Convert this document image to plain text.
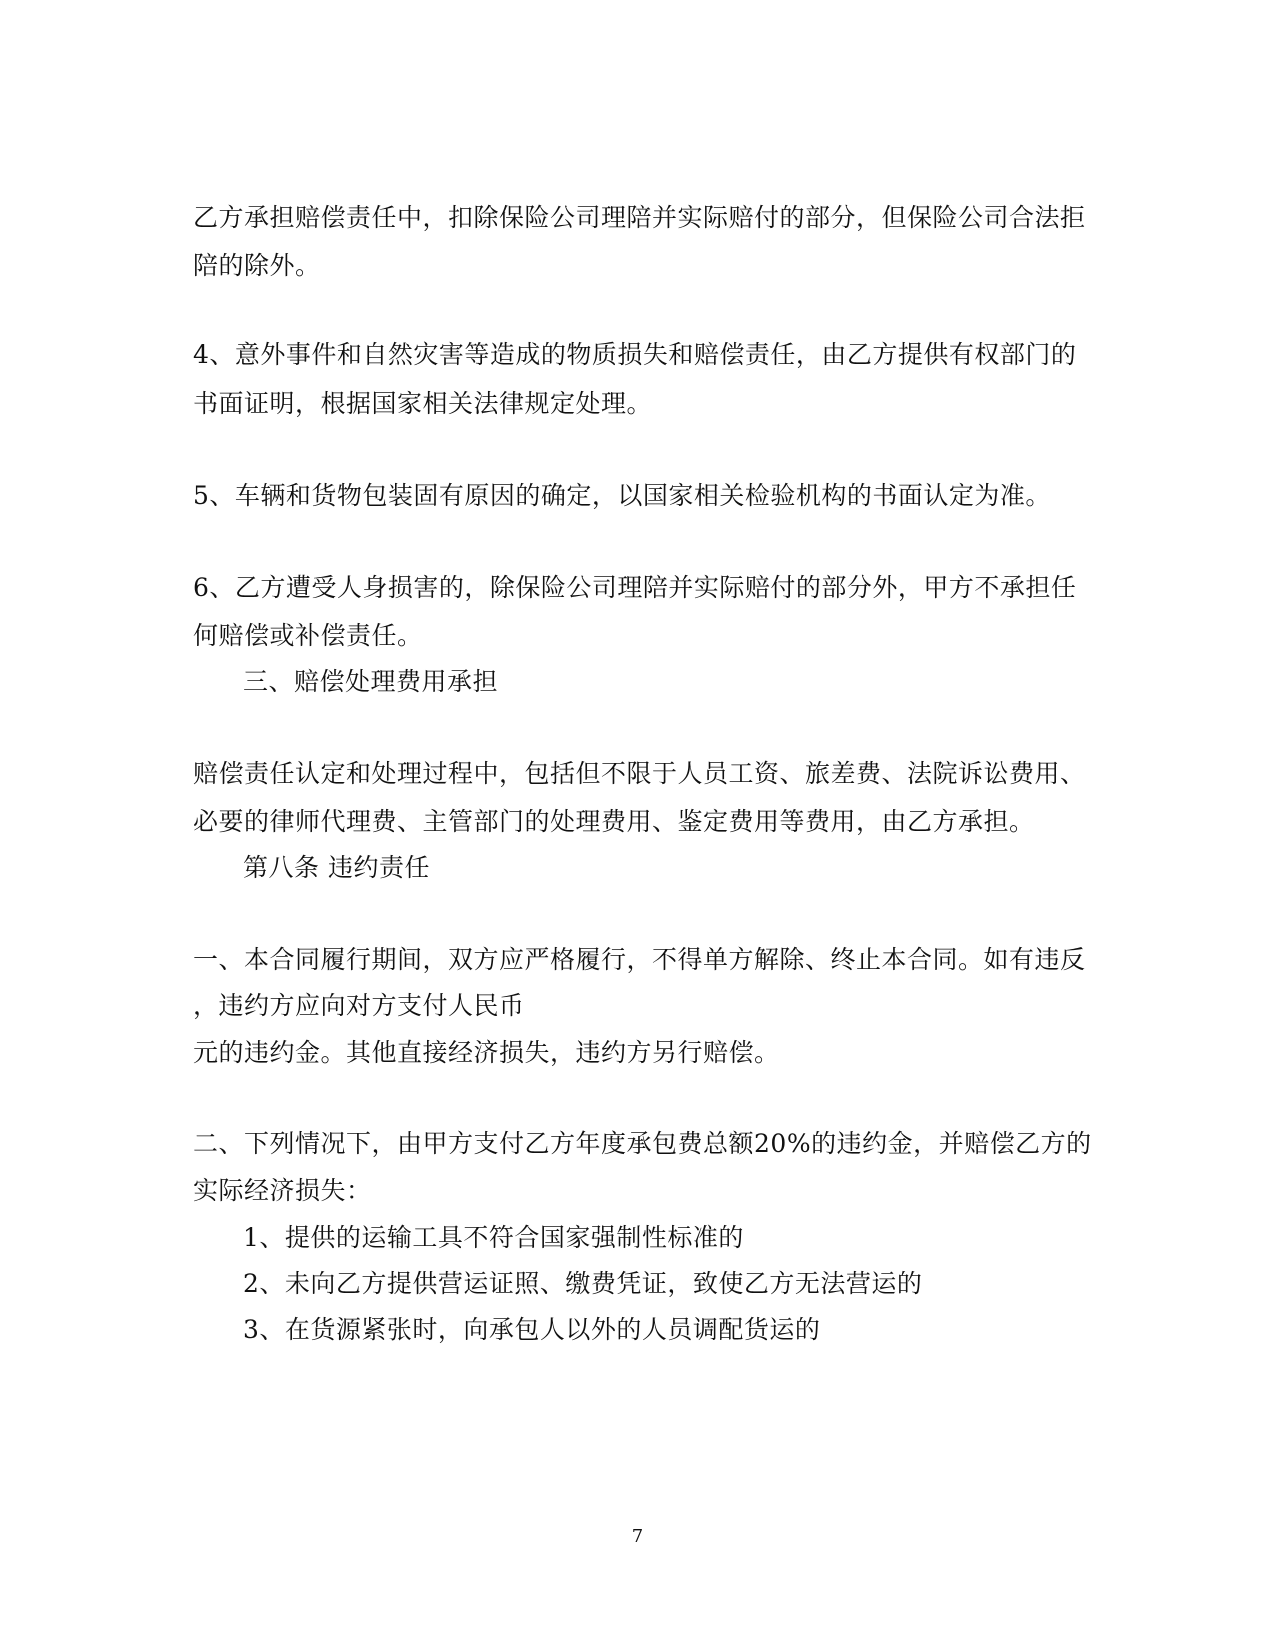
乙方承担赔偿责任中，扣除保险公司理陪并实际赔付的部分，但保险公司合法拒
陪的除外。
4、意外事件和自然灾害等造成的物质损失和赔偿责任，由乙方提供有权部门的
书面证明，根据国家相关法律规定处理。
5、车辆和货物包装固有原因的确定，以国家相关检验机构的书面认定为准。
6、乙方遭受人身损害的，除保险公司理陪并实际赔付的部分外，甲方不承担任
何赔偿或补偿责任。
三、赔偿处理费用承担
赔偿责任认定和处理过程中，包括但不限于人员工资、旅差费、法院诉讼费用、
必要的律师代理费、主管部门的处理费用、鉴定费用等费用，由乙方承担。
第八条 违约责任
一、本合同履行期间，双方应严格履行，不得单方解除、终止本合同。如有违反
，违约方应向对方支付人民币
元的违约金。其他直接经济损失，违约方另行赔偿。
二、下列情况下，由甲方支付乙方年度承包费总额20%的违约金，并赔偿乙方的
实际经济损失：
1、提供的运输工具不符合国家强制性标准的
2、未向乙方提供营运证照、缴费凭证，致使乙方无法营运的
3、在货源紧张时，向承包人以外的人员调配货运的
7
